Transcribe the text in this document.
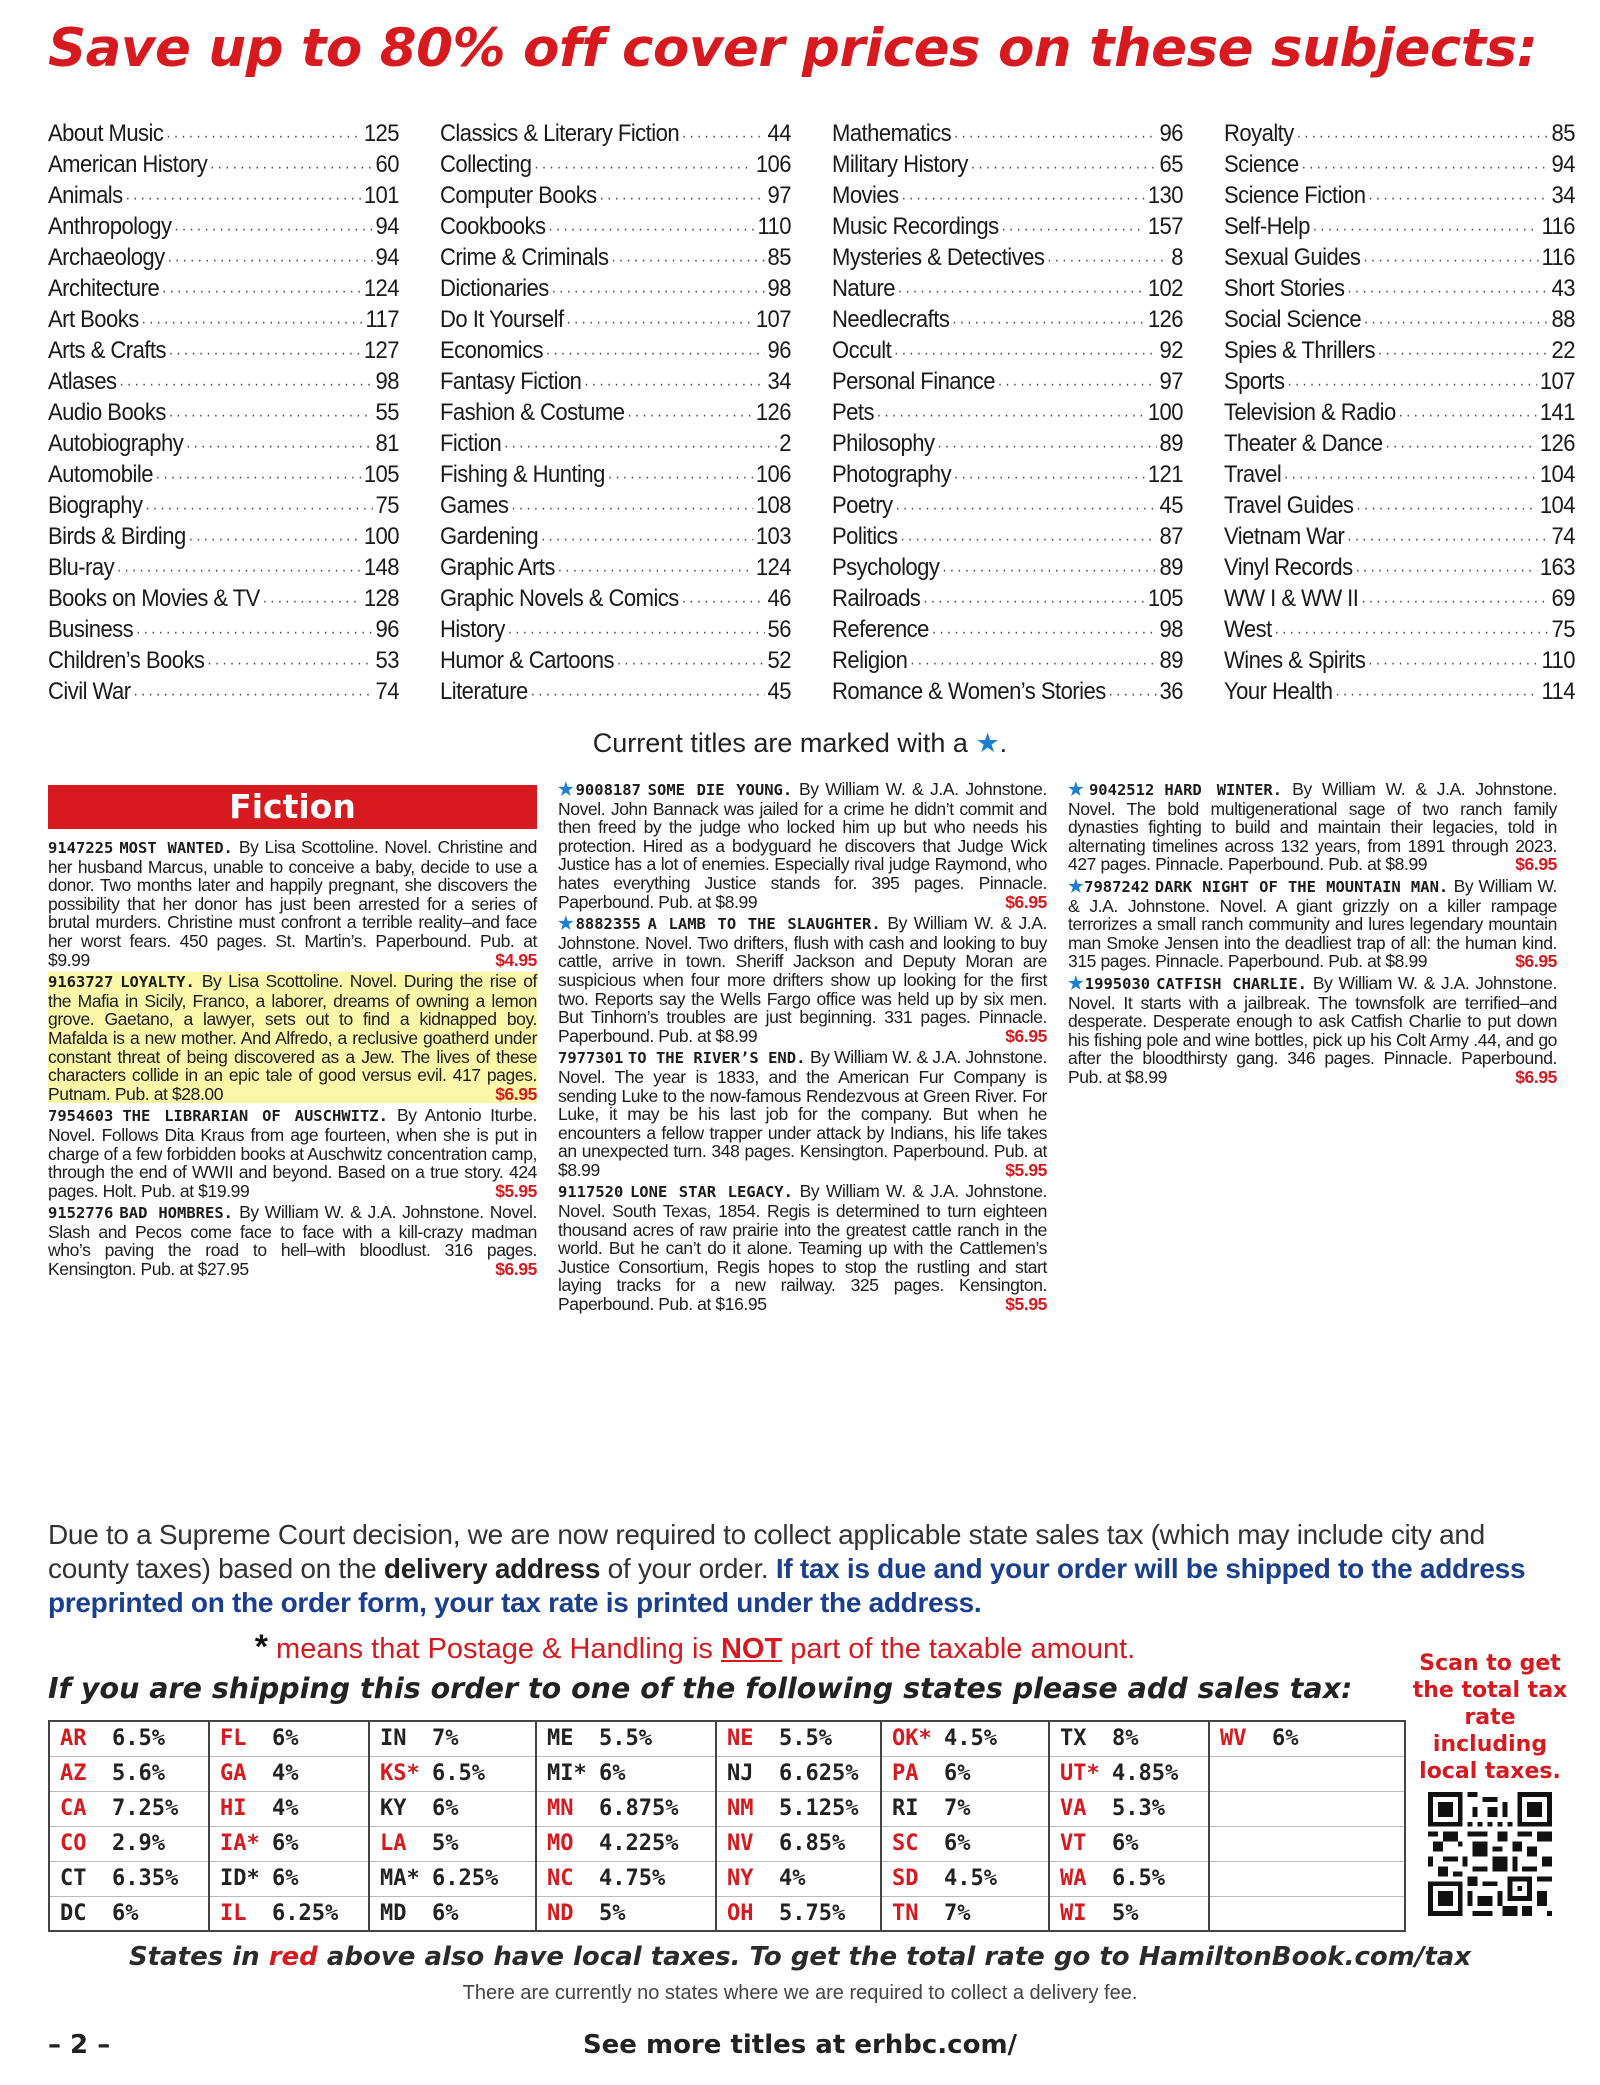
Save up to 80% off cover prices on these subjects:
About Music ·····	125
American History ·····	60
Animals ·····	101
Anthropology ·····	94
Archaeology ·····	94
Architecture ·····	124
Art Books ·····	117
Arts & Crafts ·····	127
Atlases ·····	98
Audio Books ·····	55
Autobiography ·····	81
Automobile ·····	105
Biography ·····	75
Birds & Birding ·····	100
Blu-ray ·····	148
Books on Movies & TV ·····	128
Business ·····	96
Children’s Books ·····	53
Civil War ·····	74
Classics & Literary Fiction ·····	44
Collecting ·····	106
Computer Books ·····	97
Cookbooks ·····	110
Crime & Criminals ·····	85
Dictionaries ·····	98
Do It Yourself ·····	107
Economics ·····	96
Fantasy Fiction ·····	34
Fashion & Costume ·····	126
Fiction ·····	2
Fishing & Hunting ·····	106
Games ·····	108
Gardening ·····	103
Graphic Arts ·····	124
Graphic Novels & Comics ·····	46
History ·····	56
Humor & Cartoons ·····	52
Literature ·····	45
Mathematics ·····	96
Military History ·····	65
Movies ·····	130
Music Recordings ·····	157
Mysteries & Detectives ·····	8
Nature ·····	102
Needlecrafts ·····	126
Occult ·····	92
Personal Finance ·····	97
Pets ·····	100
Philosophy ·····	89
Photography ·····	121
Poetry ·····	45
Politics ·····	87
Psychology ·····	89
Railroads ·····	105
Reference ·····	98
Religion ·····	89
Romance & Women’s Stories ····· 36
Royalty ·····	85
Science ·····	94
Science Fiction ·····	34
Self-Help ·····	116
Sexual Guides ·····	116
Short Stories ·····	43
Social Science ·····	88
Spies & Thrillers ·····	22
Sports ·····	107
Television & Radio ·····	141
Theater & Dance ·····	126
Travel ·····	104
Travel Guides ·····	104
Vietnam War ·····	74
Vinyl Records ·····	163
WW I & WW II ·····	69
West ·····	75
Wines & Spirits ·····	110
Your Health ·····	114
Current titles are marked with a ★.
Fiction

9147225 MOST WANTED. By Lisa Scottoline. Novel. Christine and her husband Marcus, unable to conceive a baby, decide to use a donor. Two months later and happily pregnant, she discovers the possibility that her donor has just been arrested for a series of brutal murders. Christine must confront a terrible reality–and face her worst fears. 450 pages. St. Martin’s. Paperbound. Pub. at $9.99	$4.95

9163727 LOYALTY. By Lisa Scottoline. Novel. During the rise of the Mafia in Sicily, Franco, a laborer, dreams of owning a lemon grove. Gaetano, a lawyer, sets out to find a kidnapped boy. Mafalda is a new mother. And Alfredo, a reclusive goatherd under constant threat of being discovered as a Jew. The lives of these characters collide in an epic tale of good versus evil. 417 pages. Putnam. Pub. at $28.00	$6.95

7954603 THE LIBRARIAN OF AUSCHWITZ. By Antonio Iturbe. Novel. Follows Dita Kraus from age fourteen, when she is put in charge of a few forbidden books at Auschwitz concentration camp, through the end of WWII and beyond. Based on a true story. 424 pages. Holt. Pub. at $19.99	$5.95

9152776 BAD HOMBRES. By William W. & J.A. Johnstone. Novel. Slash and Pecos come face to face with a kill-crazy madman who’s paving the road to hell–with bloodlust. 316 pages. Kensington. Pub. at $27.95	$6.95

★9008187 SOME DIE YOUNG. By William W. & J.A. Johnstone. Novel. John Bannack was jailed for a crime he didn’t commit and then freed by the judge who locked him up but who needs his protection. Hired as a bodyguard he discovers that Judge Wick Justice has a lot of enemies. Especially rival judge Raymond, who hates everything Justice stands for. 395 pages. Pinnacle. Paperbound. Pub. at $8.99	$6.95

★8882355 A LAMB TO THE SLAUGHTER. By William W. & J.A. Johnstone. Novel. Two drifters, flush with cash and looking to buy cattle, arrive in town. Sheriff Jackson and Deputy Moran are suspicious when four more drifters show up looking for the first two. Reports say the Wells Fargo office was held up by six men. But Tinhorn’s troubles are just beginning. 331 pages. Pinnacle. Paperbound. Pub. at $8.99	$6.95

7977301 TO THE RIVER’S END. By William W. & J.A. Johnstone. Novel. The year is 1833, and the American Fur Company is sending Luke to the now-famous Rendezvous at Green River. For Luke, it may be his last job for the company. But when he encounters a fellow trapper under attack by Indians, his life takes an unexpected turn. 348 pages. Kensington. Paperbound. Pub. at $8.99	$5.95

9117520 LONE STAR LEGACY. By William W. & J.A. Johnstone. Novel. South Texas, 1854. Regis is determined to turn eighteen thousand acres of raw prairie into the greatest cattle ranch in the world. But he can’t do it alone. Teaming up with the Cattlemen’s Justice Consortium, Regis hopes to stop the rustling and start laying tracks for a new railway. 325 pages. Kensington. Paperbound. Pub. at $16.95	$5.95

★9042512 HARD WINTER. By William W. & J.A. Johnstone. Novel. The bold multigenerational sage of two ranch family dynasties fighting to build and maintain their legacies, told in alternating timelines across 132 years, from 1891 through 2023. 427 pages. Pinnacle. Paperbound. Pub. at $8.99	$6.95

★7987242 DARK NIGHT OF THE MOUNTAIN MAN. By William W. & J.A. Johnstone. Novel. A giant grizzly on a killer rampage terrorizes a small ranch community and lures legendary mountain man Smoke Jensen into the deadliest trap of all: the human kind. 315 pages. Pinnacle. Paperbound. Pub. at $8.99	$6.95

★1995030 CATFISH CHARLIE. By William W. & J.A. Johnstone. Novel. It starts with a jailbreak. The townsfolk are terrified–and desperate. Desperate enough to ask Catfish Charlie to put down his fishing pole and wine bottles, pick up his Colt Army .44, and go after the bloodthirsty gang. 346 pages. Pinnacle. Paperbound. Pub. at $8.99	$6.95

Due to a Supreme Court decision, we are now required to collect applicable state sales tax (which may include city and county taxes) based on the delivery address of your order. If tax is due and your order will be shipped to the address preprinted on the order form, your tax rate is printed under the address.
* means that Postage & Handling is NOT part of the taxable amount.
If you are shipping this order to one of the following states please add sales tax:
Scan to get the total tax rate including local taxes.
AR 6.5%	FL 6%	IN 7%	ME 5.5%	NE 5.5%	OK* 4.5%	TX 8%	WV 6%
AZ 5.6%	GA 4%	KS* 6.5%	MI* 6%	NJ 6.625%	PA 6%	UT* 4.85%	
CA 7.25%	HI 4%	KY 6%	MN 6.875%	NM 5.125%	RI 7%	VA 5.3%	
CO 2.9%	IA* 6%	LA 5%	MO 4.225%	NV 6.85%	SC 6%	VT 6%	
CT 6.35%	ID* 6%	MA* 6.25%	NC 4.75%	NY 4%	SD 4.5%	WA 6.5%	
DC 6%	IL 6.25%	MD 6%	ND 5%	OH 5.75%	TN 7%	WI 5%	
States in red above also have local taxes. To get the total rate go to HamiltonBook.com/tax
There are currently no states where we are required to collect a delivery fee.
– 2 –	See more titles at erhbc.com/
